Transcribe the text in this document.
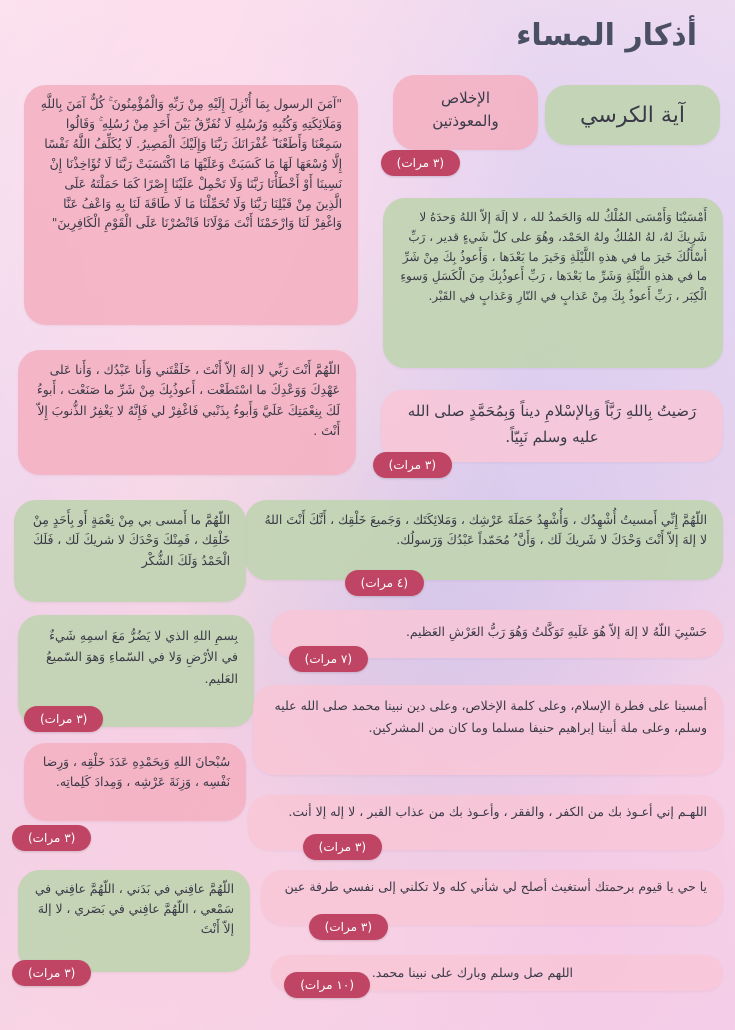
أذكار المساء
آية الكرسي
الإخلاص والمعوذتين
(٣ مرات)
"آمَنَ الرسول بِمَا أُنْزِلَ إِلَيْهِ مِنْ رَبِّهِ وَالْمُؤْمِنُونَ ۚ كُلٌّ آمَنَ بِاللَّهِ وَمَلَائِكَتِهِ وَكُتُبِهِ وَرُسُلِهِ لَا نُفَرِّقُ بَيْنَ أَحَدٍ مِنْ رُسُلِهِ ۚ وَقَالُوا سَمِعْنَا وَأَطَعْنَا ۖ غُفْرَانَكَ رَبَّنَا وَإِلَيْكَ الْمَصِيرُ. لَا يُكَلِّفُ اللَّهُ نَفْسًا إِلَّا وُسْعَهَا لَهَا مَا كَسَبَتْ وَعَلَيْهَا مَا اكْتَسَبَتْ رَبَّنَا لَا تُؤَاخِذْنَا إِنْ نَسِينَا أَوْ أَخْطَأْنَا رَبَّنَا وَلَا تَحْمِلْ عَلَيْنَا إِصْرًا كَمَا حَمَلْتَهُ عَلَى الَّذِينَ مِنْ قَبْلِنَا رَبَّنَا وَلَا تُحَمِّلْنَا مَا لَا طَاقَةَ لَنَا بِهِ وَاعْفُ عَنَّا وَاغْفِرْ لَنَا وَارْحَمْنَا أَنْتَ مَوْلَانَا فَانْصُرْنَا عَلَى الْقَوْمِ الْكَافِرِينَ"	أَمْسَيْنَا وَأَمْسَى المُلْكُ لله وَالحَمدُ لله ، لا إلَهَ إلاّ اللهُ وَحدَهُ لا شَرِيكَ لهُ، لهُ المُلكُ ولهُ الحَمْد، وهُوَ على كلّ شَيءٍ قدير ، رَبِّ أسْأَلُكَ خَيرَ ما في هذهِ اللَّيْلَةِ وَخَيرَ ما بَعْدَها ، وَأَعوذُ بِكَ مِنْ شَرِّ ما في هذهِ اللَّيْلَةِ وَشَرِّ ما بَعْدَها ، رَبِّ أَعوذُبِكَ مِنَ الْكَسَلِ وَسوءِ الْكِبَر ، رَبِّ أَعوذُ بِكَ مِنْ عَذابٍ في النّارِ وَعَذابٍ في القَبْر.
اللّهُمَّ أَنْتَ رَبِّي لا إلهَ إلاّ أَنْتَ ، خَلَقْتَني وَأَنا عَبْدُك ، وَأَنا عَلى عَهْدِكَ وَوَعْدِكَ ما اسْتَطَعْت ، أَعوذُبِكَ مِنْ شَرِّ ما صَنَعْت ، أَبوءُ لَكَ بِنِعْمَتِكَ عَلَيَّ وَأَبوءُ بِذَنْبي فَاغْفِرْ لي فَإِنَّهُ لا يَغْفِرُ الذُّنوبَ إِلاّ أَنْتَ .
رَضيتُ بِاللهِ رَبَّاً وَبِالإسْلامِ ديناً وَبِمُحَمَّدٍ صلى الله عليه وسلم نَبِيّاً.
(٣ مرات)
اللّهُمَّ إِنِّي أَمسيتُ أُشْهِدُك ، وَأُشْهِدُ حَمَلَةَ عَرْشِك ، وَمَلائِكَتَك ، وَجَميعَ خَلْقِك ، أَنَّكَ أَنْتَ اللهُ لا إلهَ إلاّ أَنْتَ وَحْدَكَ لا شَريكَ لَك ، وَأَنَّ ُ مُحَمّداً عَبْدُكَ وَرَسولُك.
(٤ مرات)
اللّهُمَّ ما أَمسى بي مِنْ نِعْمَةٍ أَو بِأَحَدٍ مِنْ خَلْقِك ، فَمِنْكَ وَحْدَكَ لا شريكَ لَك ، فَلَكَ الْحَمْدُ وَلَكَ الشُّكْر
حَسْبِيَ اللّهُ لا إلهَ إلاّ هُوَ عَلَيهِ تَوَكَّلتُ وَهُوَ رَبُّ العَرْشِ العَظيم.
(٧ مرات)
بِسمِ اللهِ الذي لا يَضُرُّ مَعَ اسمِهِ شَيءٌ في الأرْضِ وَلا في السّماءِ وَهوَ السّميعُ العَليم.
(٣ مرات)
أمسينا على فطرة الإسلام، وعلى كلمة الإخلاص، وعلى دين نبينا محمد صلى الله عليه وسلم، وعلى ملة أبينا إبراهيم حنيفا مسلما وما كان من المشركين.
سُبْحانَ اللهِ وَبِحَمْدِهِ عَدَدَ خَلْقِه ، وَرِضا نَفْسِه ، وَزِنَةَ عَرْشِه ، وَمِدادَ كَلِماتِه.
(٣ مرات)
اللهـم إني أعـوذ بك من الكفر ، والفقر ، وأعـوذ بك من عذاب القبر ، لا إله إلا أنت.
(٣ مرات)
اللّهُمَّ عافِني في بَدَني ، اللّهُمَّ عافِني في سَمْعي ، اللّهُمَّ عافِني في بَصَري ، لا إلهَ إلاّ أَنْتَ
(٣ مرات)
يا حي يا قيوم برحمتك أستغيث أصلح لي شأني كله ولا تكلني إلى نفسي طرفة عين
(٣ مرات)
اللهم صل وسلم وبارك على نبينا محمد.
(١٠ مرات)
